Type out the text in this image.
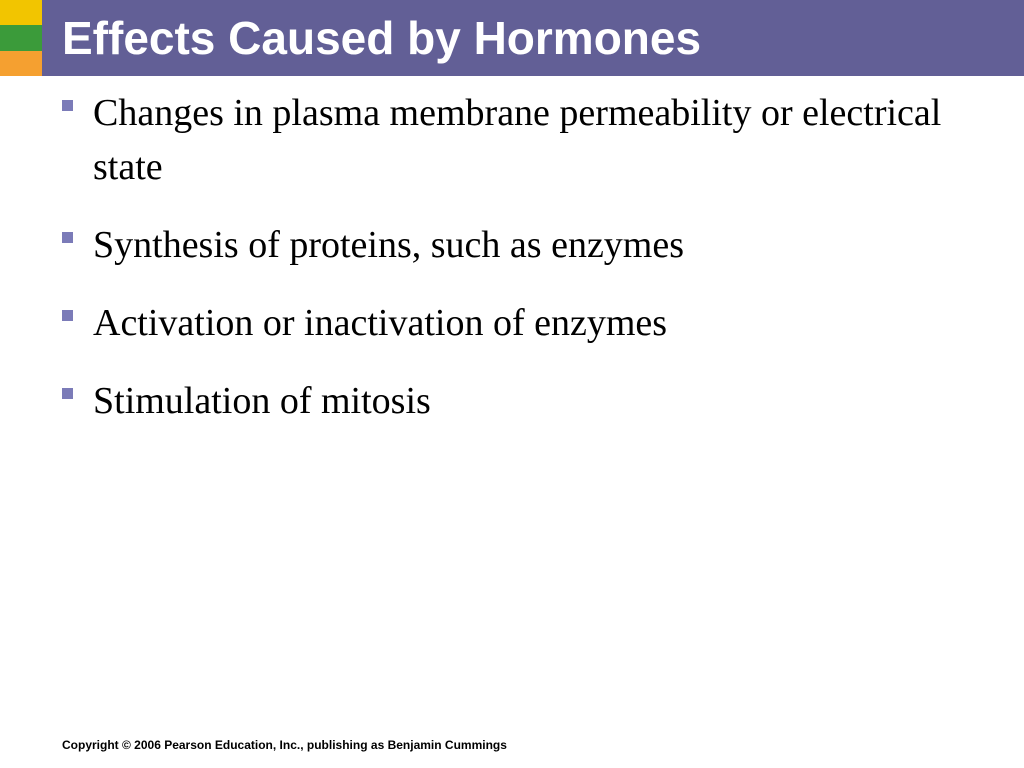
Effects Caused by Hormones
Changes in plasma membrane permeability or electrical state
Synthesis of proteins, such as enzymes
Activation or inactivation of enzymes
Stimulation of mitosis
Copyright © 2006 Pearson Education, Inc., publishing as Benjamin Cummings
